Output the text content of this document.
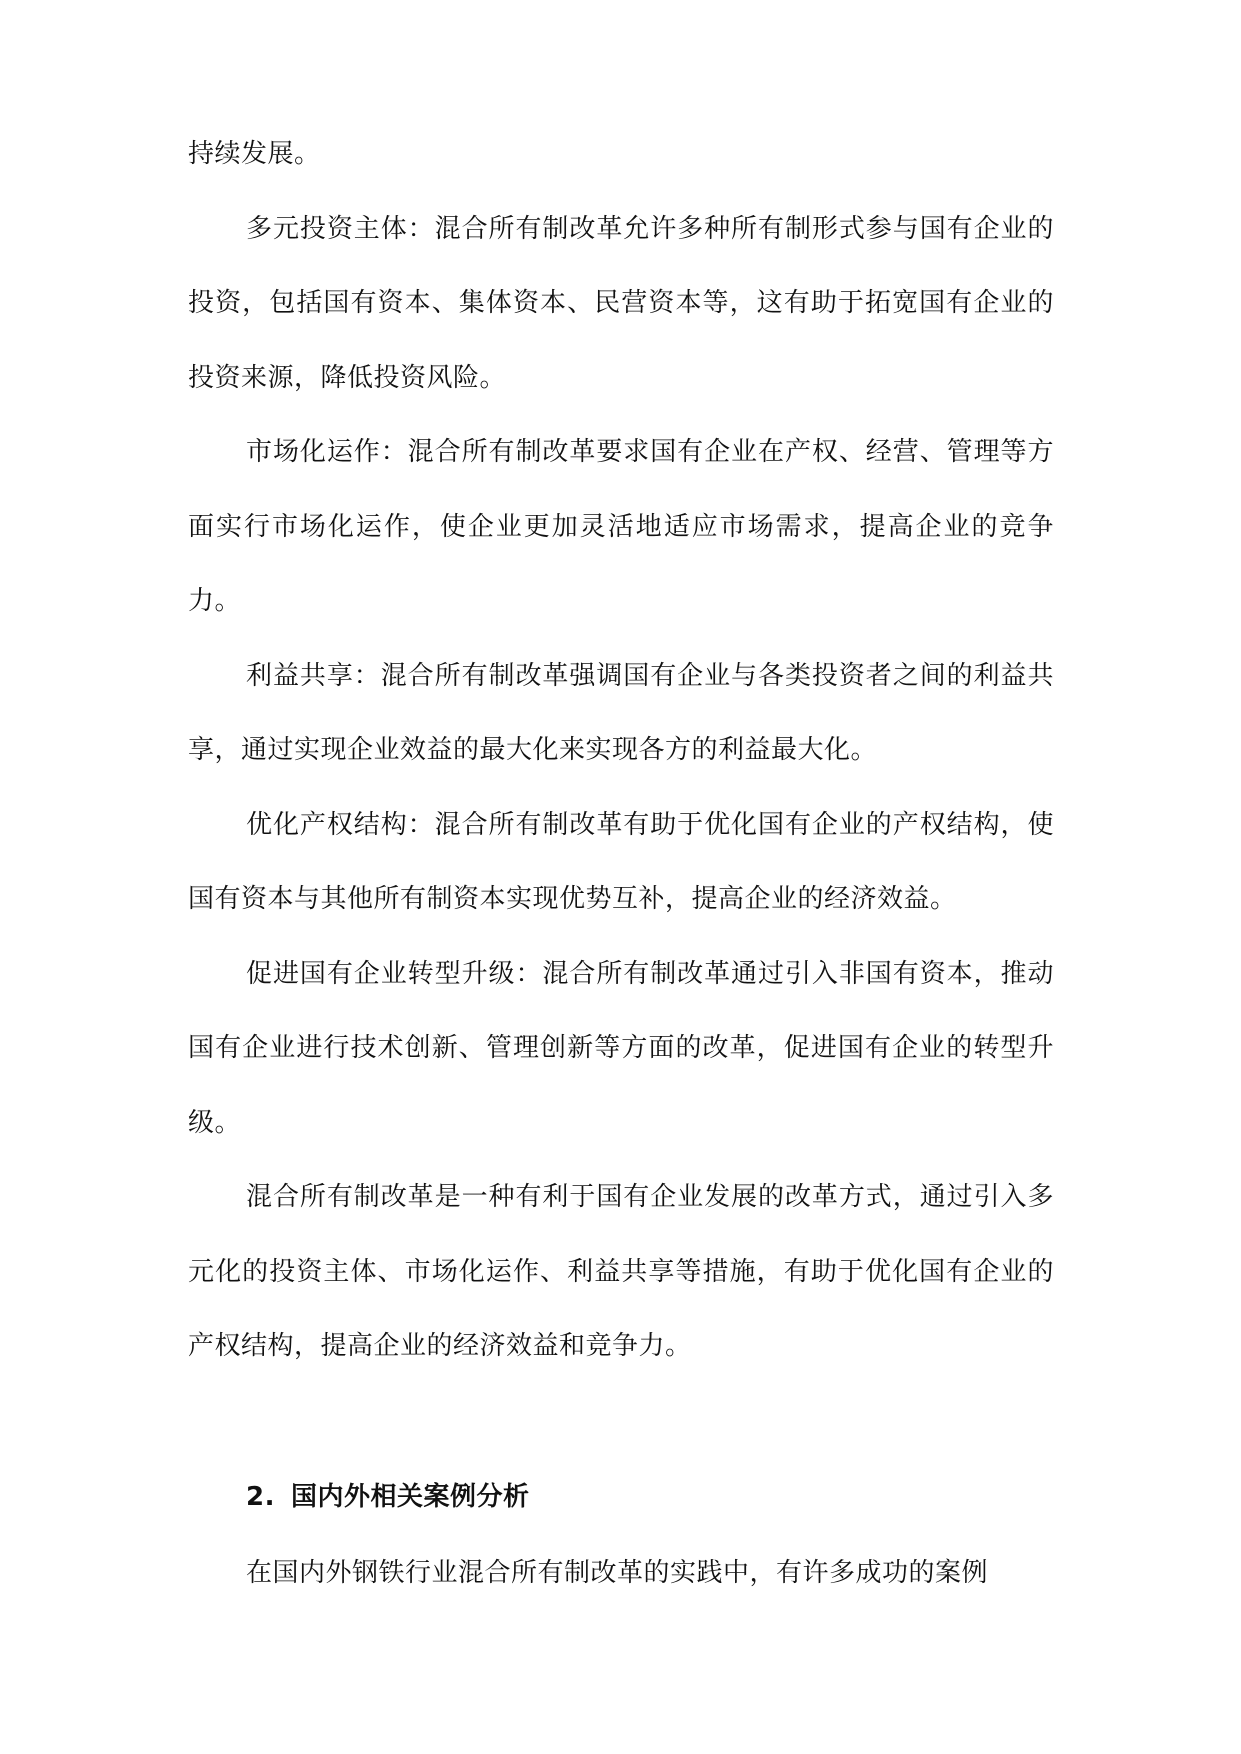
持续发展。

多元投资主体：混合所有制改革允许多种所有制形式参与国有企业的投资，包括国有资本、集体资本、民营资本等，这有助于拓宽国有企业的投资来源，降低投资风险。

市场化运作：混合所有制改革要求国有企业在产权、经营、管理等方面实行市场化运作，使企业更加灵活地适应市场需求，提高企业的竞争力。

利益共享：混合所有制改革强调国有企业与各类投资者之间的利益共享，通过实现企业效益的最大化来实现各方的利益最大化。

优化产权结构：混合所有制改革有助于优化国有企业的产权结构，使国有资本与其他所有制资本实现优势互补，提高企业的经济效益。

促进国有企业转型升级：混合所有制改革通过引入非国有资本，推动国有企业进行技术创新、管理创新等方面的改革，促进国有企业的转型升级。

混合所有制改革是一种有利于国有企业发展的改革方式，通过引入多元化的投资主体、市场化运作、利益共享等措施，有助于优化国有企业的产权结构，提高企业的经济效益和竞争力。

2. 国内外相关案例分析

在国内外钢铁行业混合所有制改革的实践中，有许多成功的案例
